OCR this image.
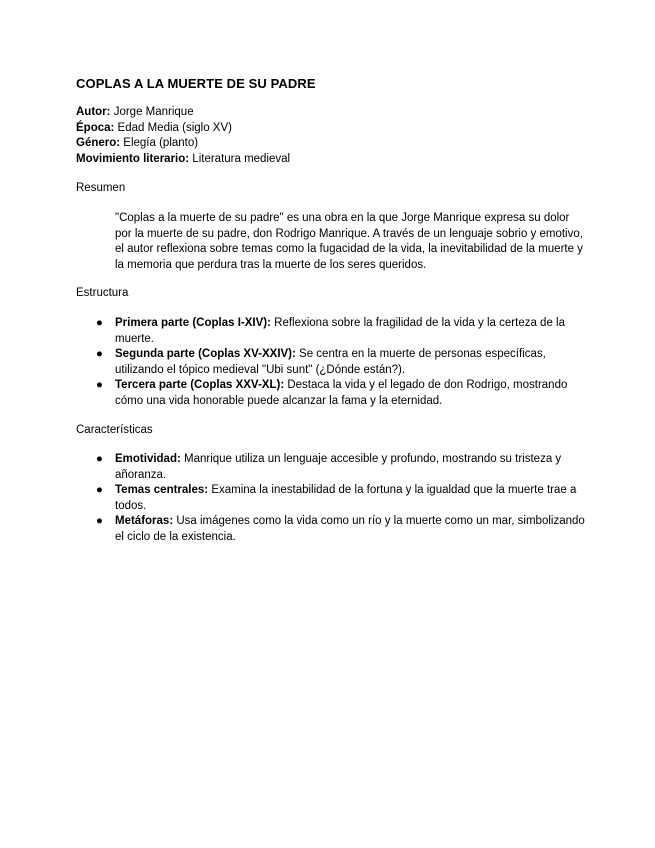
COPLAS A LA MUERTE DE SU PADRE

Autor: Jorge Manrique

Época: Edad Media (siglo XV)

Género: Elegía (planto)

Movimiento literario: Literatura medieval

Resumen

"Coplas a la muerte de su padre" es una obra en la que Jorge Manrique expresa su dolor por la muerte de su padre, don Rodrigo Manrique. A través de un lenguaje sobrio y emotivo, el autor reflexiona sobre temas como la fugacidad de la vida, la inevitabilidad de la muerte y la memoria que perdura tras la muerte de los seres queridos.

Estructura

● Primera parte (Coplas I-XIV): Reflexiona sobre la fragilidad de la vida y la certeza de la muerte.
● Segunda parte (Coplas XV-XXIV): Se centra en la muerte de personas específicas, utilizando el tópico medieval "Ubi sunt" (¿Dónde están?).
● Tercera parte (Coplas XXV-XL): Destaca la vida y el legado de don Rodrigo, mostrando cómo una vida honorable puede alcanzar la fama y la eternidad.

Características

● Emotividad: Manrique utiliza un lenguaje accesible y profundo, mostrando su tristeza y añoranza.
● Temas centrales: Examina la inestabilidad de la fortuna y la igualdad que la muerte trae a todos.
● Metáforas: Usa imágenes como la vida como un río y la muerte como un mar, simbolizando el ciclo de la existencia.
